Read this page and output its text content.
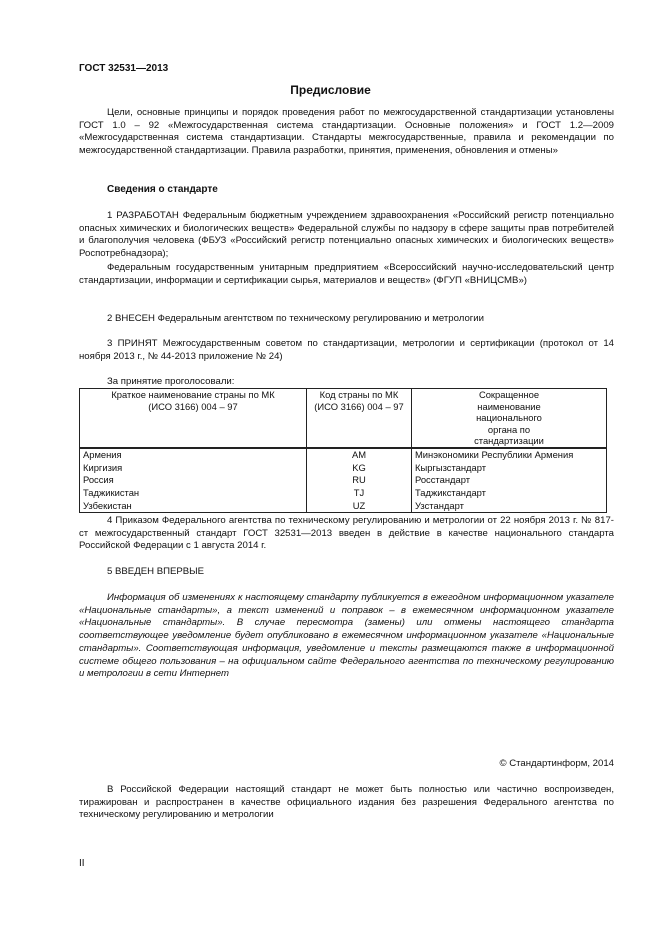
ГОСТ 32531—2013
Предисловие

Цели, основные принципы и порядок проведения работ по межгосударственной стандартизации установлены ГОСТ 1.0 – 92 «Межгосударственная система стандартизации. Основные положения» и ГОСТ 1.2—2009 «Межгосударственная система стандартизации. Стандарты межгосударственные, правила и рекомендации по межгосударственной стандартизации. Правила разработки, принятия, применения, обновления и отмены»

Сведения о стандарте

1 РАЗРАБОТАН Федеральным бюджетным учреждением здравоохранения «Российский регистр потенциально опасных химических и биологических веществ» Федеральной службы по надзору в сфере защиты прав потребителей и благополучия человека (ФБУЗ «Российский регистр потенциально опасных химических и биологических веществ» Роспотребнадзора);

Федеральным государственным унитарным предприятием «Всероссийский научно-исследовательский центр стандартизации, информации и сертификации сырья, материалов и веществ» (ФГУП «ВНИЦСМВ»)

2 ВНЕСЕН Федеральным агентством по техническому регулированию и метрологии

3 ПРИНЯТ Межгосударственным советом по стандартизации, метрологии и сертификации (протокол от 14 ноября 2013 г., № 44-2013 приложение № 24)

За принятие проголосовали:
Краткое наименование страны по МК (ИСО 3166) 004 – 97	Код страны по МК (ИСО 3166) 004 – 97	Сокращенное наименование национального органа по стандартизации
Армения	AM	Минэкономики Республики Армения
Киргизия	KG	Кыргызстандарт
Россия	RU	Росстандарт
Таджикистан	TJ	Таджикстандарт
Узбекистан	UZ	Узстандарт

4 Приказом Федерального агентства по техническому регулированию и метрологии от 22 ноября 2013 г. № 817-ст межгосударственный стандарт ГОСТ 32531—2013 введен в действие в качестве национального стандарта Российской Федерации с 1 августа 2014 г.

5 ВВЕДЕН ВПЕРВЫЕ

Информация об изменениях к настоящему стандарту публикуется в ежегодном информационном указателе «Национальные стандарты», а текст изменений и поправок – в ежемесячном информационном указателе «Национальные стандарты». В случае пересмотра (замены) или отмены настоящего стандарта соответствующее уведомление будет опубликовано в ежемесячном информационном указателе «Национальные стандарты». Соответствующая информация, уведомление и тексты размещаются также в информационной системе общего пользования – на официальном сайте Федерального агентства по техническому регулированию и метрологии в сети Интернет

© Стандартинформ, 2014

В Российской Федерации настоящий стандарт не может быть полностью или частично воспроизведен, тиражирован и распространен в качестве официального издания без разрешения Федерального агентства по техническому регулированию и метрологии

II
